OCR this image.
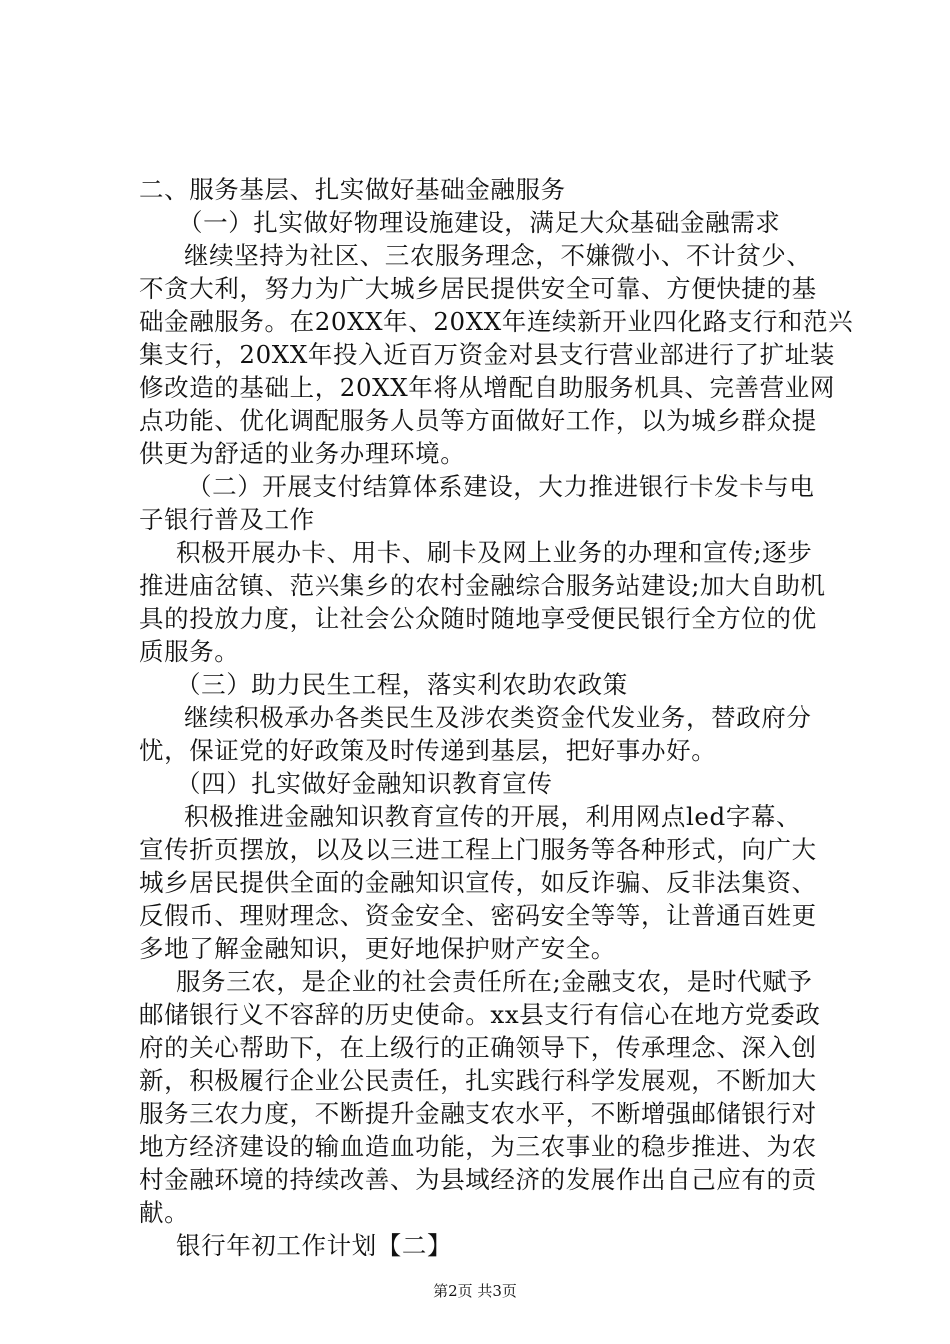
二、服务基层、扎实做好基础金融服务

（一）扎实做好物理设施建设，满足大众基础金融需求

继续坚持为社区、三农服务理念，不嫌微小、不计贫少、

不贪大利，努力为广大城乡居民提供安全可靠、方便快捷的基

础金融服务。在20XX年、20XX年连续新开业四化路支行和范兴

集支行，20XX年投入近百万资金对县支行营业部进行了扩址装

修改造的基础上，20XX年将从增配自助服务机具、完善营业网

点功能、优化调配服务人员等方面做好工作，以为城乡群众提

供更为舒适的业务办理环境。

（二）开展支付结算体系建设，大力推进银行卡发卡与电

子银行普及工作

积极开展办卡、用卡、刷卡及网上业务的办理和宣传;逐步

推进庙岔镇、范兴集乡的农村金融综合服务站建设;加大自助机

具的投放力度，让社会公众随时随地享受便民银行全方位的优

质服务。

（三）助力民生工程，落实利农助农政策

继续积极承办各类民生及涉农类资金代发业务，替政府分

忧，保证党的好政策及时传递到基层，把好事办好。

（四）扎实做好金融知识教育宣传

积极推进金融知识教育宣传的开展，利用网点led字幕、

宣传折页摆放，以及以三进工程上门服务等各种形式，向广大

城乡居民提供全面的金融知识宣传，如反诈骗、反非法集资、

反假币、理财理念、资金安全、密码安全等等，让普通百姓更

多地了解金融知识，更好地保护财产安全。

服务三农，是企业的社会责任所在;金融支农，是时代赋予

邮储银行义不容辞的历史使命。xx县支行有信心在地方党委政

府的关心帮助下，在上级行的正确领导下，传承理念、深入创

新，积极履行企业公民责任，扎实践行科学发展观，不断加大

服务三农力度，不断提升金融支农水平，不断增强邮储银行对

地方经济建设的输血造血功能，为三农事业的稳步推进、为农

村金融环境的持续改善、为县域经济的发展作出自己应有的贡

献。

银行年初工作计划【二】

第2页 共3页
